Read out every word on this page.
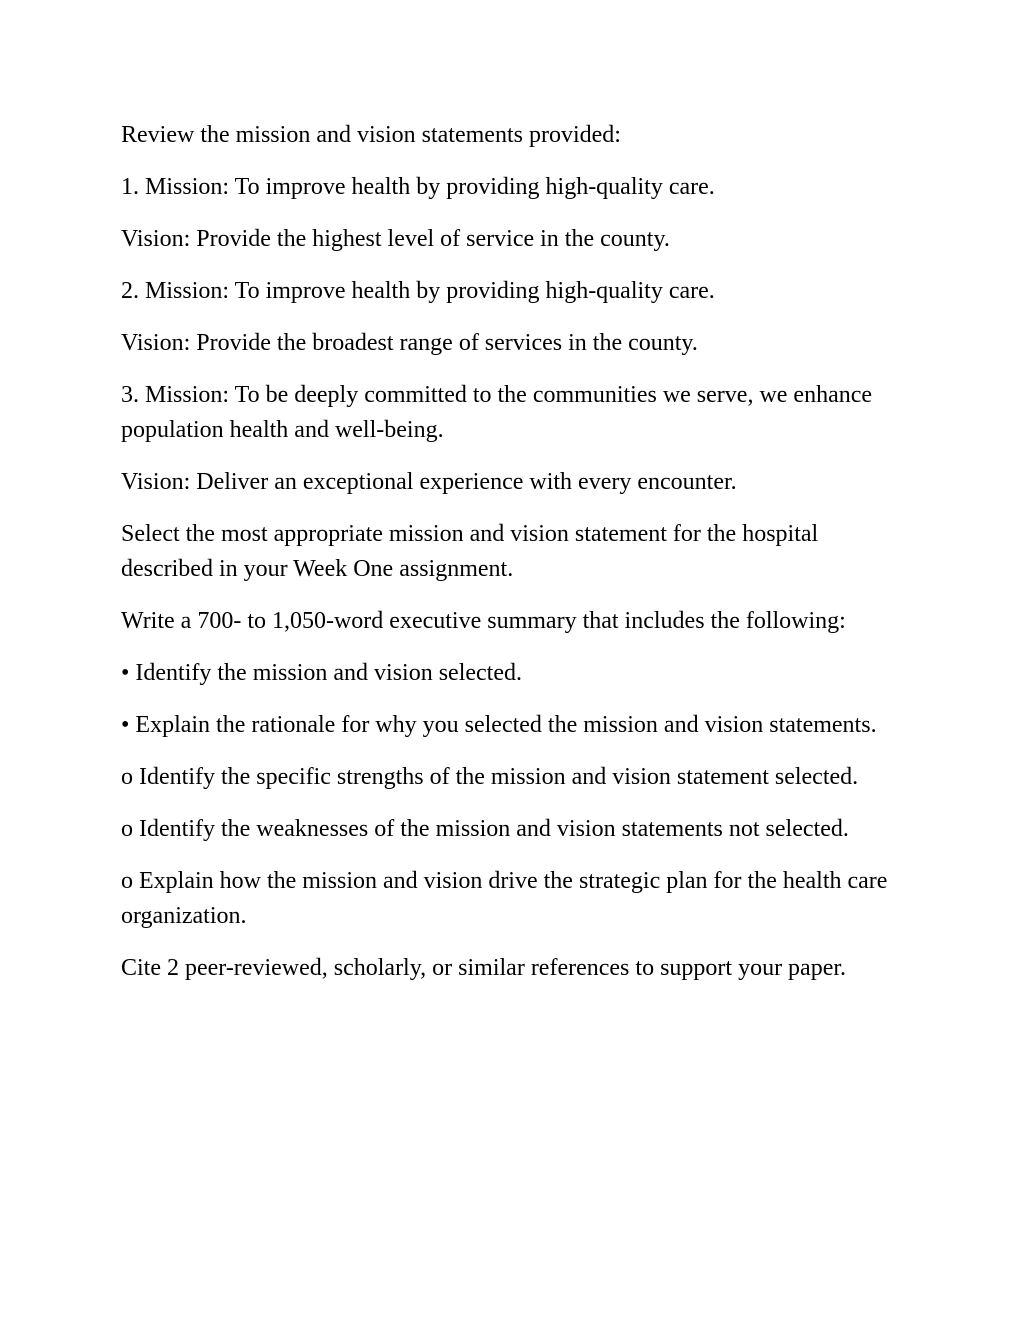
Review the mission and vision statements provided:

1. Mission: To improve health by providing high-quality care.

Vision: Provide the highest level of service in the county.

2. Mission: To improve health by providing high-quality care.

Vision: Provide the broadest range of services in the county.

3. Mission: To be deeply committed to the communities we serve, we enhance population health and well-being.

Vision: Deliver an exceptional experience with every encounter.

Select the most appropriate mission and vision statement for the hospital described in your Week One assignment.

Write a 700- to 1,050-word executive summary that includes the following:

• Identify the mission and vision selected.

• Explain the rationale for why you selected the mission and vision statements.

o Identify the specific strengths of the mission and vision statement selected.

o Identify the weaknesses of the mission and vision statements not selected.

o Explain how the mission and vision drive the strategic plan for the health care organization.

Cite 2 peer-reviewed, scholarly, or similar references to support your paper.
